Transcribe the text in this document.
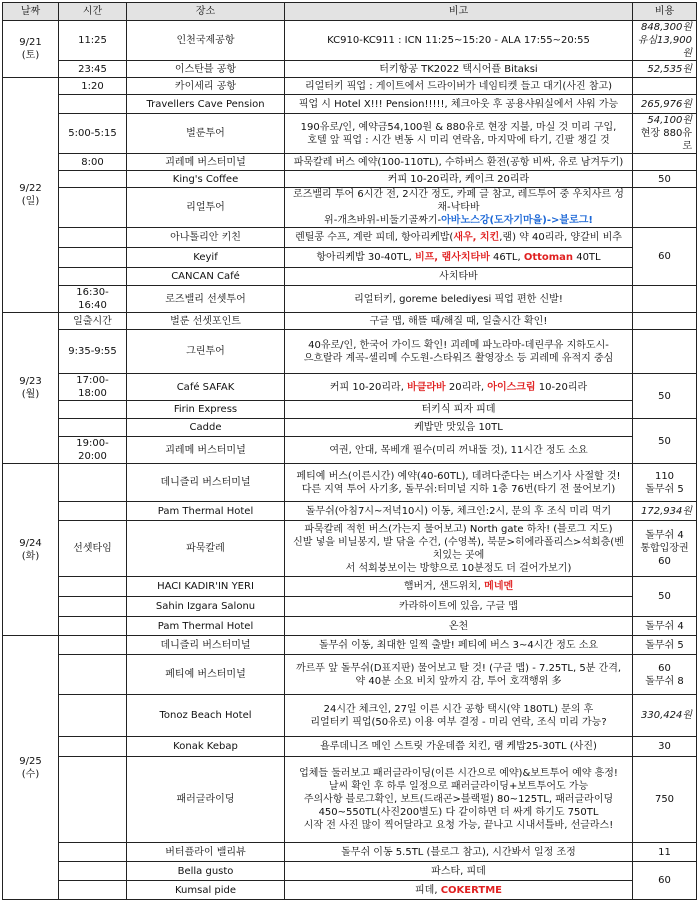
날짜	시간	장소	비고	비용

9/21
(토)	11:25	인천국제공항	KC910-KC911 : ICN 11:25~15:20 - ALA 17:55~20:55	848,300원
유심13,900원

	23:45	이스탄블 공항	터키항공 TK2022 택시어플 Bitaksi	52,535원

9/22
(일)	1:20	카이세리 공항	리얼터키 픽업 : 게이트에서 드라이버가 네임티켓 들고 대기(사진 참고)	
		Travellers Cave Pension	픽업 시 Hotel X!!! Pension!!!!!, 체크아웃 후 공용샤워실에서 샤워 가능	265,976원
	5:00-5:15	벌룬투어	190유로/인, 예약금54,100원 & 880유로 현장 지불, 마실 것 미리 구입,
호텔 앞 픽업 : 시간 변동 시 미리 연락옴, 마지막에 타기, 긴팔 챙길 것	54,100원
현장 880유로

	8:00	괴레메 버스터미널	파묵칼레 버스 예약(100-110TL), 수하버스 환전(공항 비싸, 유로 남겨두기)	
		King's Coffee	커피 10-20리라, 케이크 20리라	50
		리얼투어	로즈밸리 투어 6시간 전, 2시간 정도, 카페 글 참고, 레드투어 중 우치사르 성채-낙타바
위-개츠바위-비둘기골짜기-아바노스강(도자기마을)->블로그!	

		아나톨리안 키친	렌틸콩 수프, 계란 피데, 항아리케밥(새우, 치킨,램) 약 40리라, 양갈비 비추	60
		Keyif	항아리케밥 30-40TL, 비프, 램사치타바 46TL, Ottoman 40TL	
		CANCAN Café	사치타바	
	16:30-16:40	로즈밸리 선셋투어	리얼터키, goreme belediyesi 픽업 편한 신발!	

9/23
(월)	일출시간	벌룬 선셋포인트	구글 맵, 해뜰 때/해질 때, 일출시간 확인!	
	9:35-9:55	그린투어	40유로/인, 한국어 가이드 확인! 괴레메 파노라마-데린쿠유 지하도시-
으흐랄라 계곡-셀리메 수도원-스타워즈 촬영장소 등 괴레메 유적지 중심	

	17:00-18:00	Café SAFAK	커피 10-20리라, 바클라바 20리라, 아이스크림 10-20리라	50
		Firin Express	터키식 피자 피데	
		Cadde	케밥만 맛있음 10TL	50
	19:00-20:00	괴레메 버스터미널	여권, 안대, 목베개 필수(미리 꺼내둘 것), 11시간 정도 소요	

9/24
(화)		데니즐리 버스터미널	페티예 버스(이른시간) 예약(40-60TL), 데려다준다는 버스기사 사절할 것!
다른 지역 투어 사기多, 돌무쉬:터미널 지하 1층 76번(타기 전 물어보기)	110
돌무쉬 5

		Pam Thermal Hotel	돌무쉬(아침7시~저녁10시) 이동, 체크인:2시, 문의 후 조식 미리 먹기	172,934원
	선셋타임	파묵칼레	파묵칼레 적힌 버스(가는지 물어보고) North gate 하차! (블로그 지도)
신발 넣을 비닐봉지, 발 닦을 수건, (수영복), 북문>히에라폴리스>석회층(벤치있는 곳에
서 석회붕보이는 방향으로 10분정도 더 걸어가보기)	돌무쉬 4
통합입장권
60

		HACI KADIR'IN YERI	햄버거, 샌드위치, 메네멘	50
		Sahin Izgara Salonu	카라하이트에 있음, 구글 맵	
		Pam Thermal Hotel	온천	돌무쉬 4

9/25
(수)		데니즐리 버스터미널	돌무쉬 이동, 최대한 일찍 출발! 페티예 버스 3~4시간 정도 소요	돌무쉬 5
		페티예 버스터미널	까르푸 앞 돌무쉬(D표지판) 물어보고 탈 것! (구글 맵) - 7.25TL, 5분 간격,
약 40분 소요 비치 앞까지 감, 투어 호객행위 多	60
돌무쉬 8

		Tonoz Beach Hotel	24시간 체크인, 27일 이른 시간 공항 택시(약 180TL) 문의 후
리얼터키 픽업(50유로) 이용 여부 결정 - 미리 연락, 조식 미리 가능?	330,424원
		Konak Kebap	욜루데니즈 메인 스트릿 가운데쯤 치킨, 램 케밥25-30TL (사진)	30
		패러글라이딩	업체들 둘러보고 패러글라이딩(이른 시간으로 예약)&보트투어 예약 흥정!
날씨 확인 후 하루 일정으로 패러글라이딩+보트투어도 가능
주의사항 블로그확인, 보트(드래곤>블랙펄) 80~125TL, 패러글라이딩
450~550TL(사진200별도) 다 같이하면 더 싸게 하기도 750TL
시작 전 사진 많이 찍어달라고 요청 가능, 끝나고 시내서틀바, 선글라스!	750
		버터플라이 밸리뷰	돌무쉬 이동 5.5TL (블로그 참고), 시간봐서 일정 조정	11
		Bella gusto	파스타, 피데	60
		Kumsal pide	피데, COKERTME	
